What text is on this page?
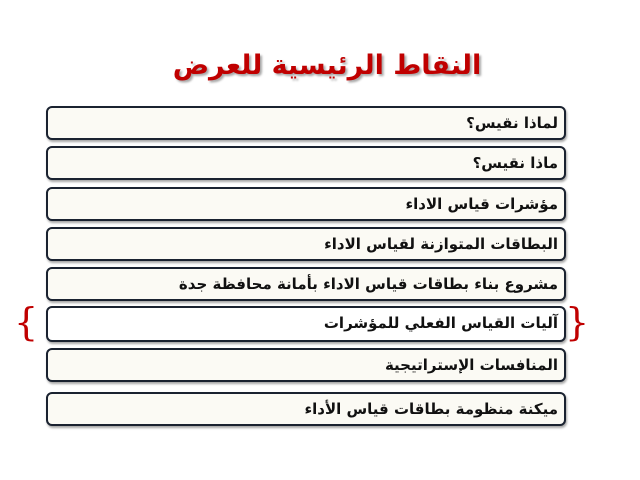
النقاط الرئيسية للعرض
لماذا نقيس؟
ماذا نقيس؟
مؤشرات قياس الاداء
البطاقات المتوازنة لقياس الاداء
مشروع بناء بطاقات قياس الاداء بأمانة محافظة جدة
آليات القياس الفعلي للمؤشرات
المنافسات الإستراتيجية
ميكنة منظومة بطاقات قياس الأداء
{	}
